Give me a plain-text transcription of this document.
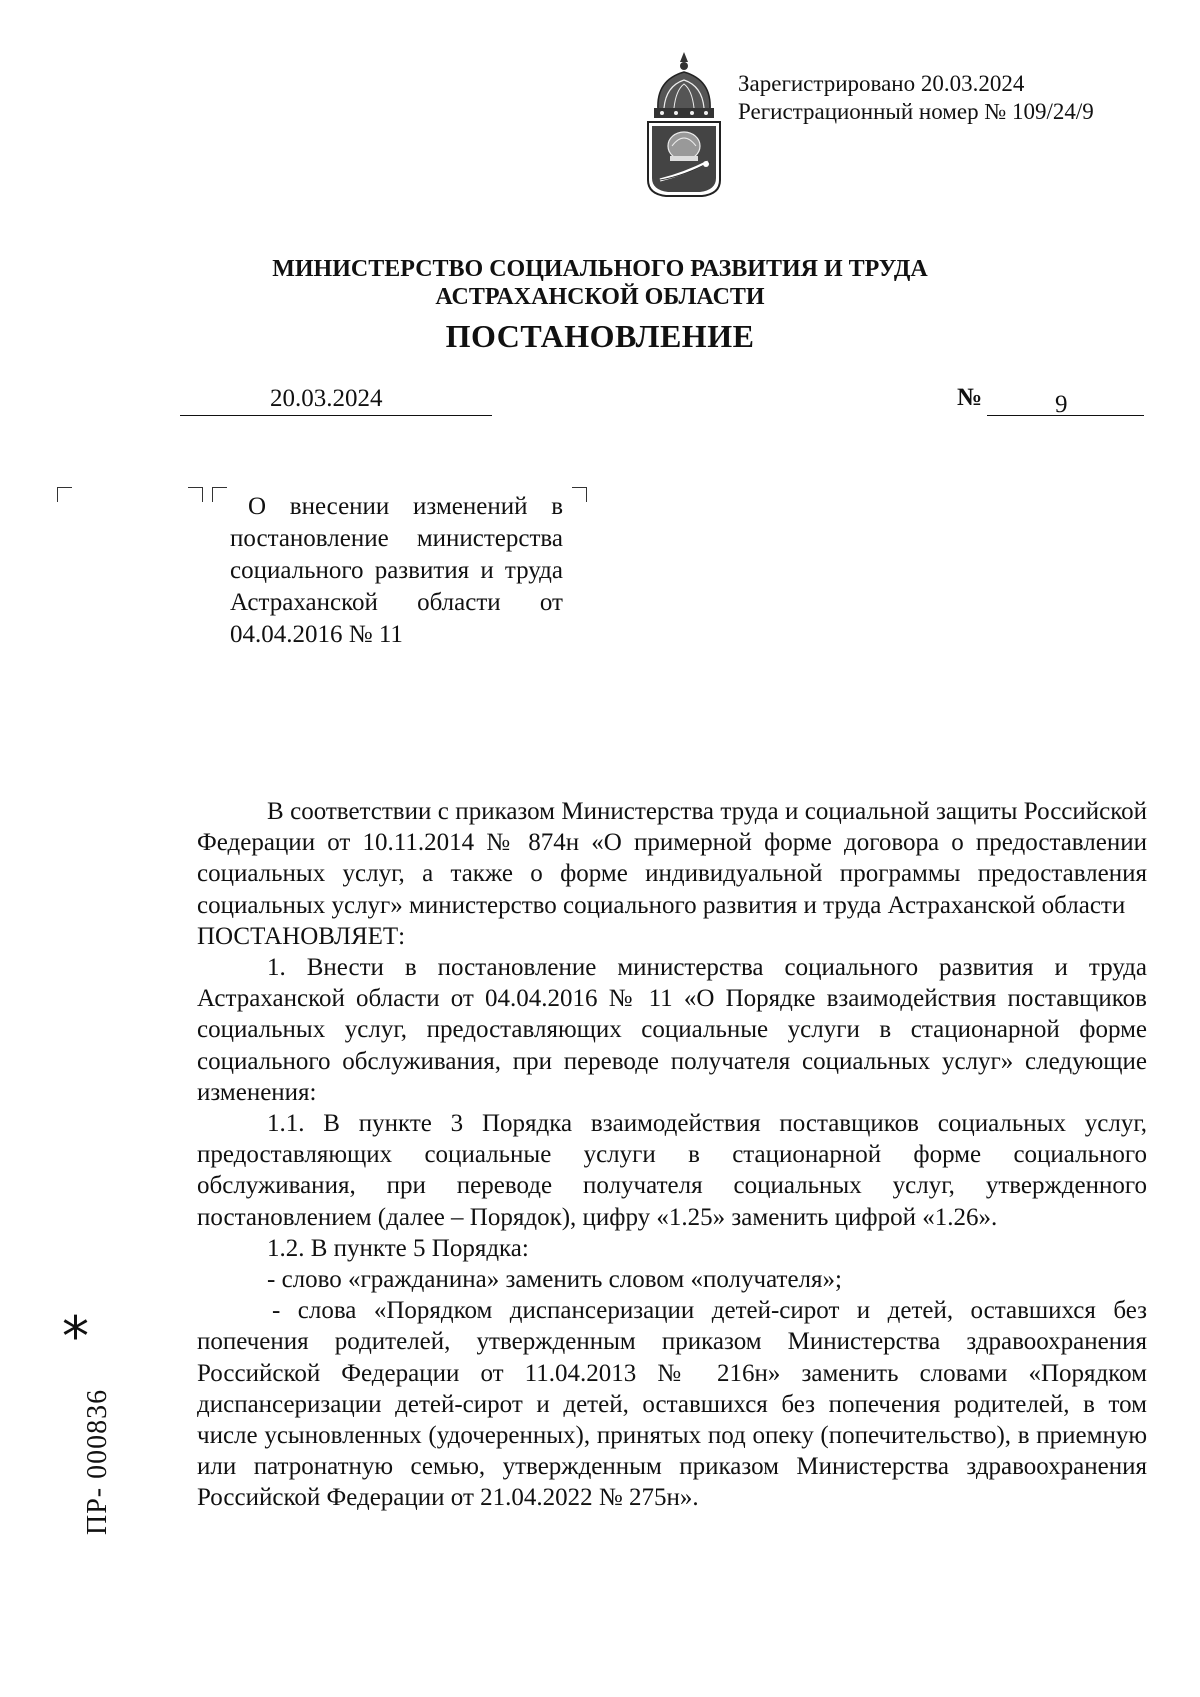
Зарегистрировано 20.03.2024
Регистрационный номер № 109/24/9
МИНИСТЕРСТВО СОЦИАЛЬНОГО РАЗВИТИЯ И ТРУДА
АСТРАХАНСКОЙ ОБЛАСТИ
ПОСТАНОВЛЕНИЕ
20.03.2024	№	9
О внесении изменений в постановление министерства социального развития и труда Астраханской области от 04.04.2016 № 11

В соответствии с приказом Министерства труда и социальной защиты Российской Федерации от 10.11.2014 № 874н «О примерной форме договора о предоставлении социальных услуг, а также о форме индивидуальной программы предоставления социальных услуг» министерство социального развития и труда Астраханской области

ПОСТАНОВЛЯЕТ:

1. Внести в постановление министерства социального развития и труда Астраханской области от 04.04.2016 № 11 «О Порядке взаимодействия поставщиков социальных услуг, предоставляющих социальные услуги в стационарной форме социального обслуживания, при переводе получателя социальных услуг» следующие изменения:

1.1. В пункте 3 Порядка взаимодействия поставщиков социальных услуг, предоставляющих социальные услуги в стационарной форме социального обслуживания, при переводе получателя социальных услуг, утвержденного постановлением (далее – Порядок), цифру «1.25» заменить цифрой «1.26».

1.2. В пункте 5 Порядка:

- слово «гражданина» заменить словом «получателя»;

- слова «Порядком диспансеризации детей-сирот и детей, оставшихся без попечения родителей, утвержденным приказом Министерства здравоохранения Российской Федерации от 11.04.2013 № 216н» заменить словами «Порядком диспансеризации детей-сирот и детей, оставшихся без попечения родителей, в том числе усыновленных (удочеренных), принятых под опеку (попечительство), в приемную или патронатную семью, утвержденным приказом Министерства здравоохранения Российской Федерации от 21.04.2022 № 275н».

*
ПР- 000836
